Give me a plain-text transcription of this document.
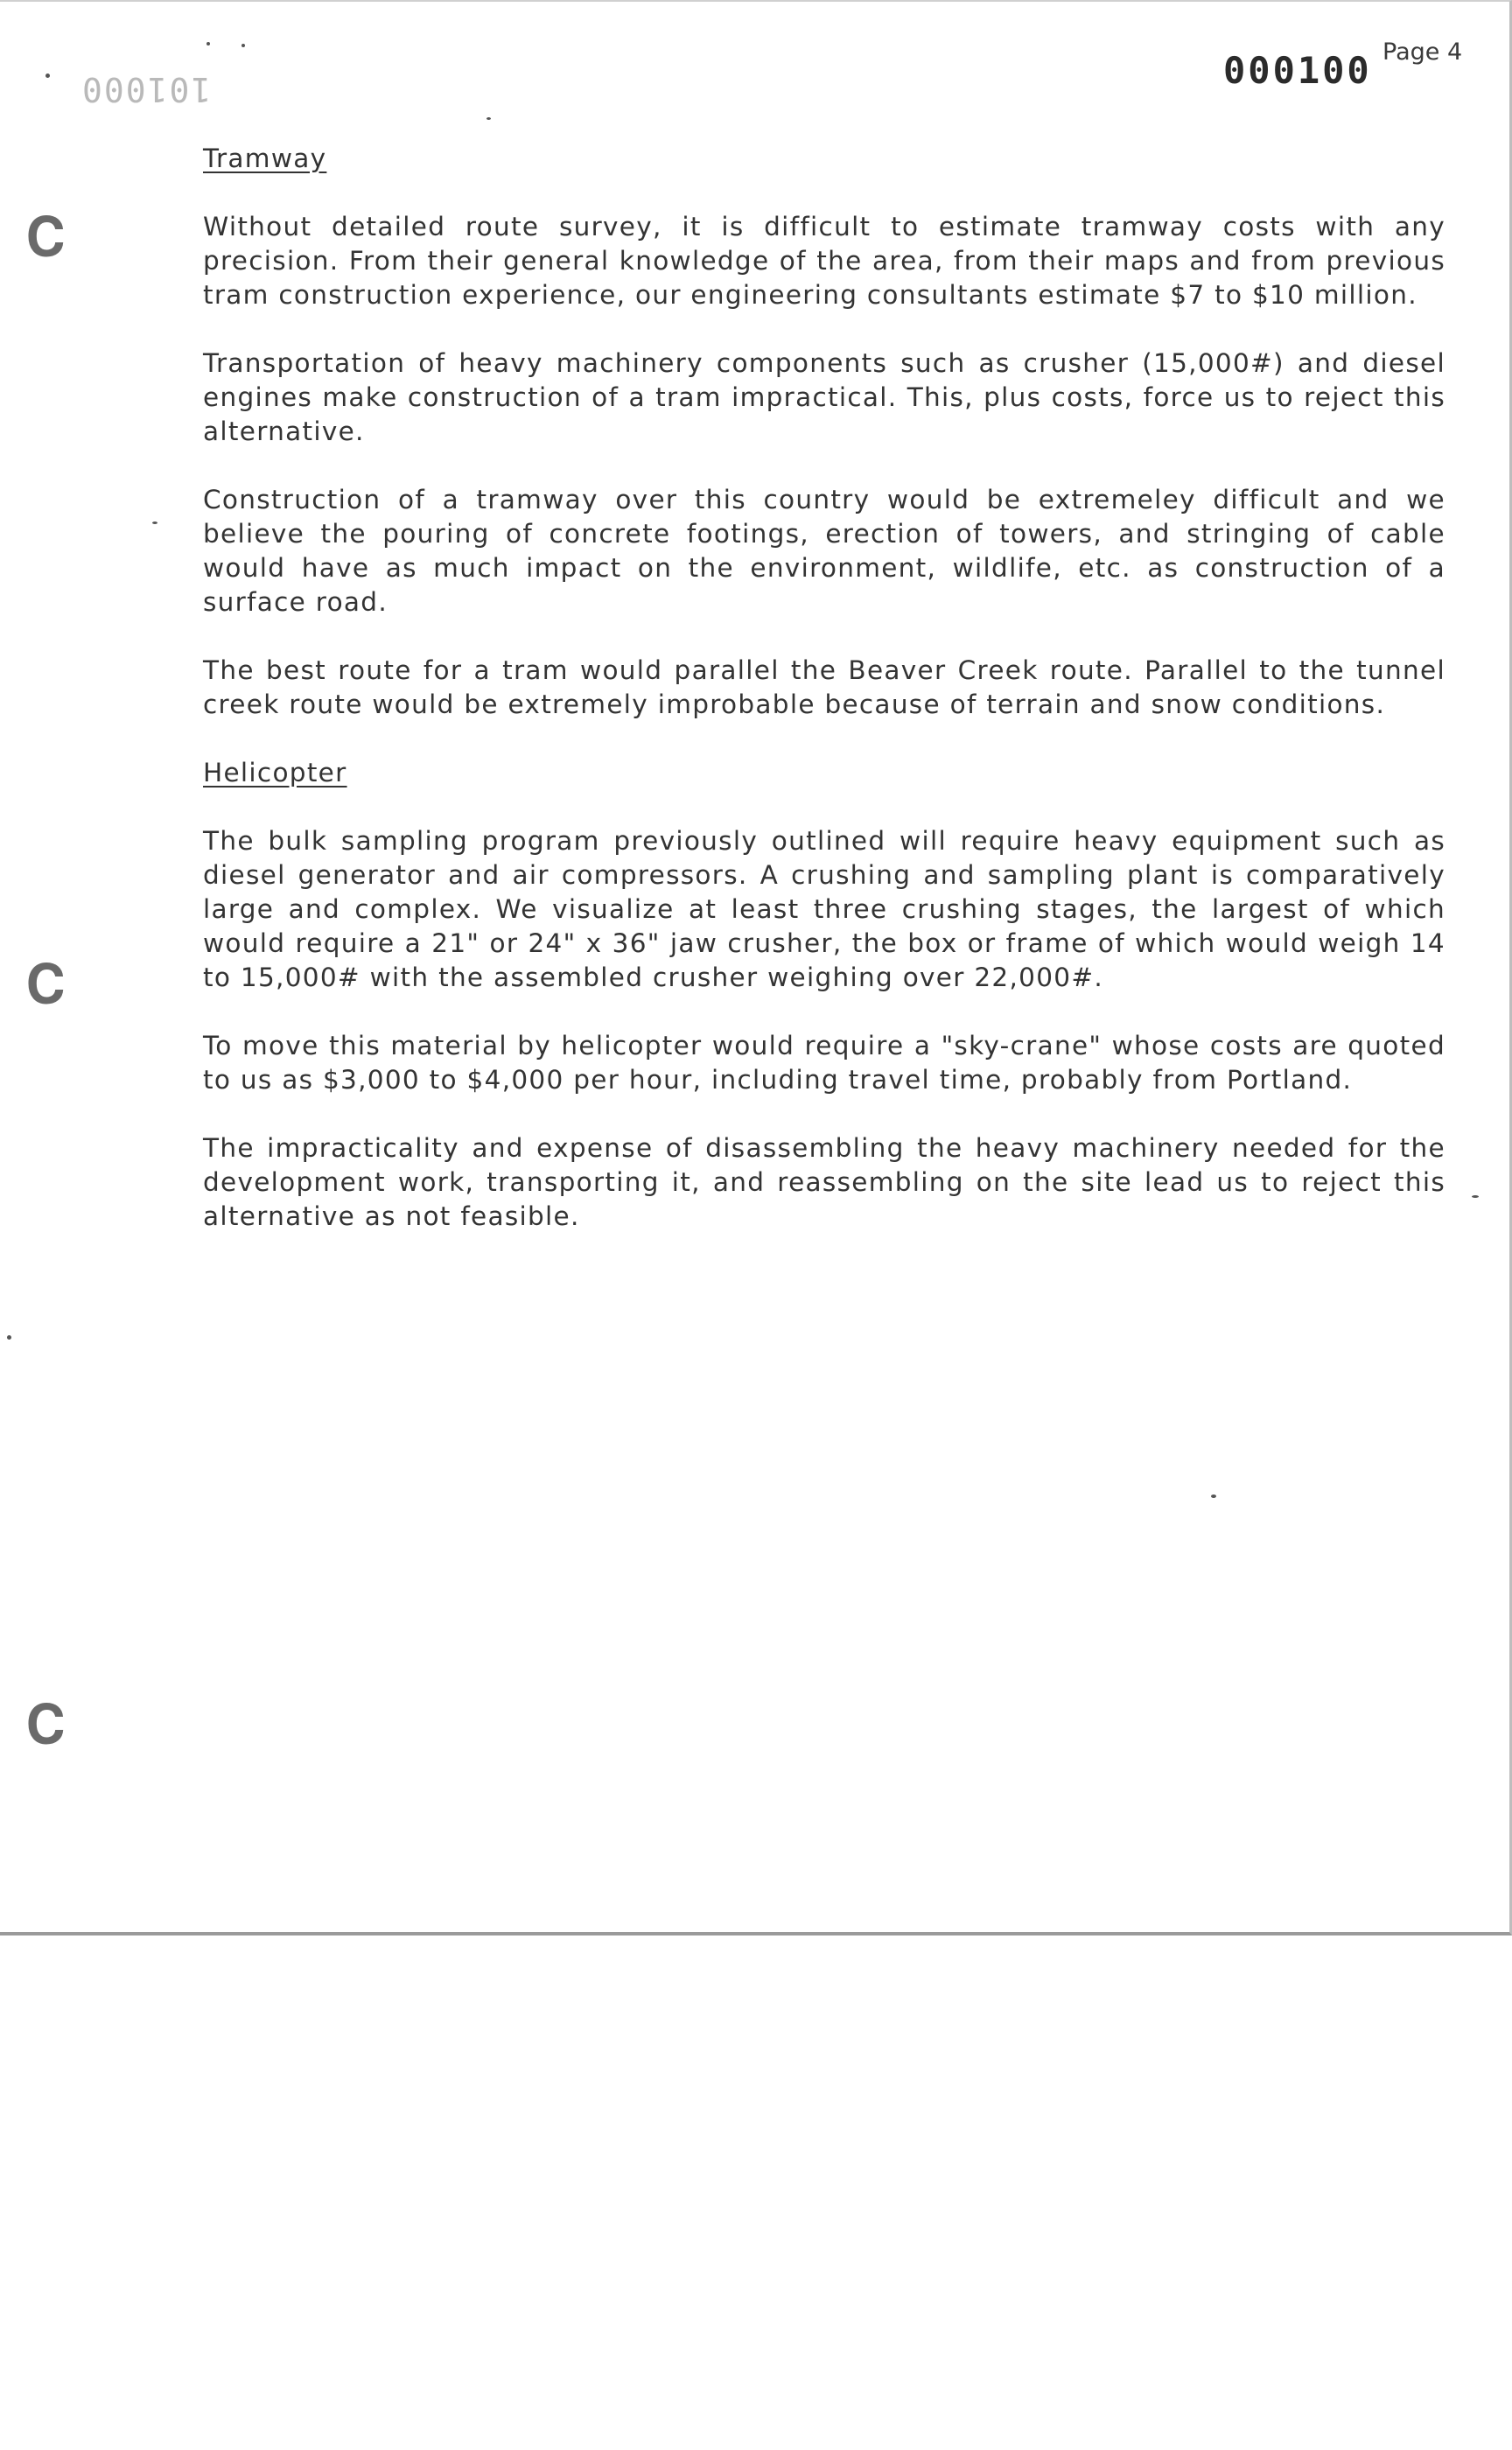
101000	000100 Page 4
𝐂
𝐂
𝐂
Tramway

Without detailed route survey, it is difficult to estimate tramway costs with any precision. From their general knowledge of the area, from their maps and from previous tram construction experience, our engineering consultants estimate $7 to $10 million.

Transportation of heavy machinery components such as crusher (15,000#) and diesel engines make construction of a tram impractical. This, plus costs, force us to reject this alternative.

Construction of a tramway over this country would be extremeley difficult and we believe the pouring of concrete footings, erection of towers, and stringing of cable would have as much impact on the environment, wildlife, etc. as construction of a surface road.

The best route for a tram would parallel the Beaver Creek route. Parallel to the tunnel creek route would be extremely improbable because of terrain and snow conditions.

Helicopter

The bulk sampling program previously outlined will require heavy equipment such as diesel generator and air compressors. A crushing and sampling plant is comparatively large and complex. We visualize at least three crushing stages, the largest of which would require a 21" or 24" x 36" jaw crusher, the box or frame of which would weigh 14 to 15,000# with the assembled crusher weighing over 22,000#.

To move this material by helicopter would require a "sky-crane" whose costs are quoted to us as $3,000 to $4,000 per hour, including travel time, probably from Portland.

The impracticality and expense of disassembling the heavy machinery needed for the development work, transporting it, and reassembling on the site lead us to reject this alternative as not feasible.
